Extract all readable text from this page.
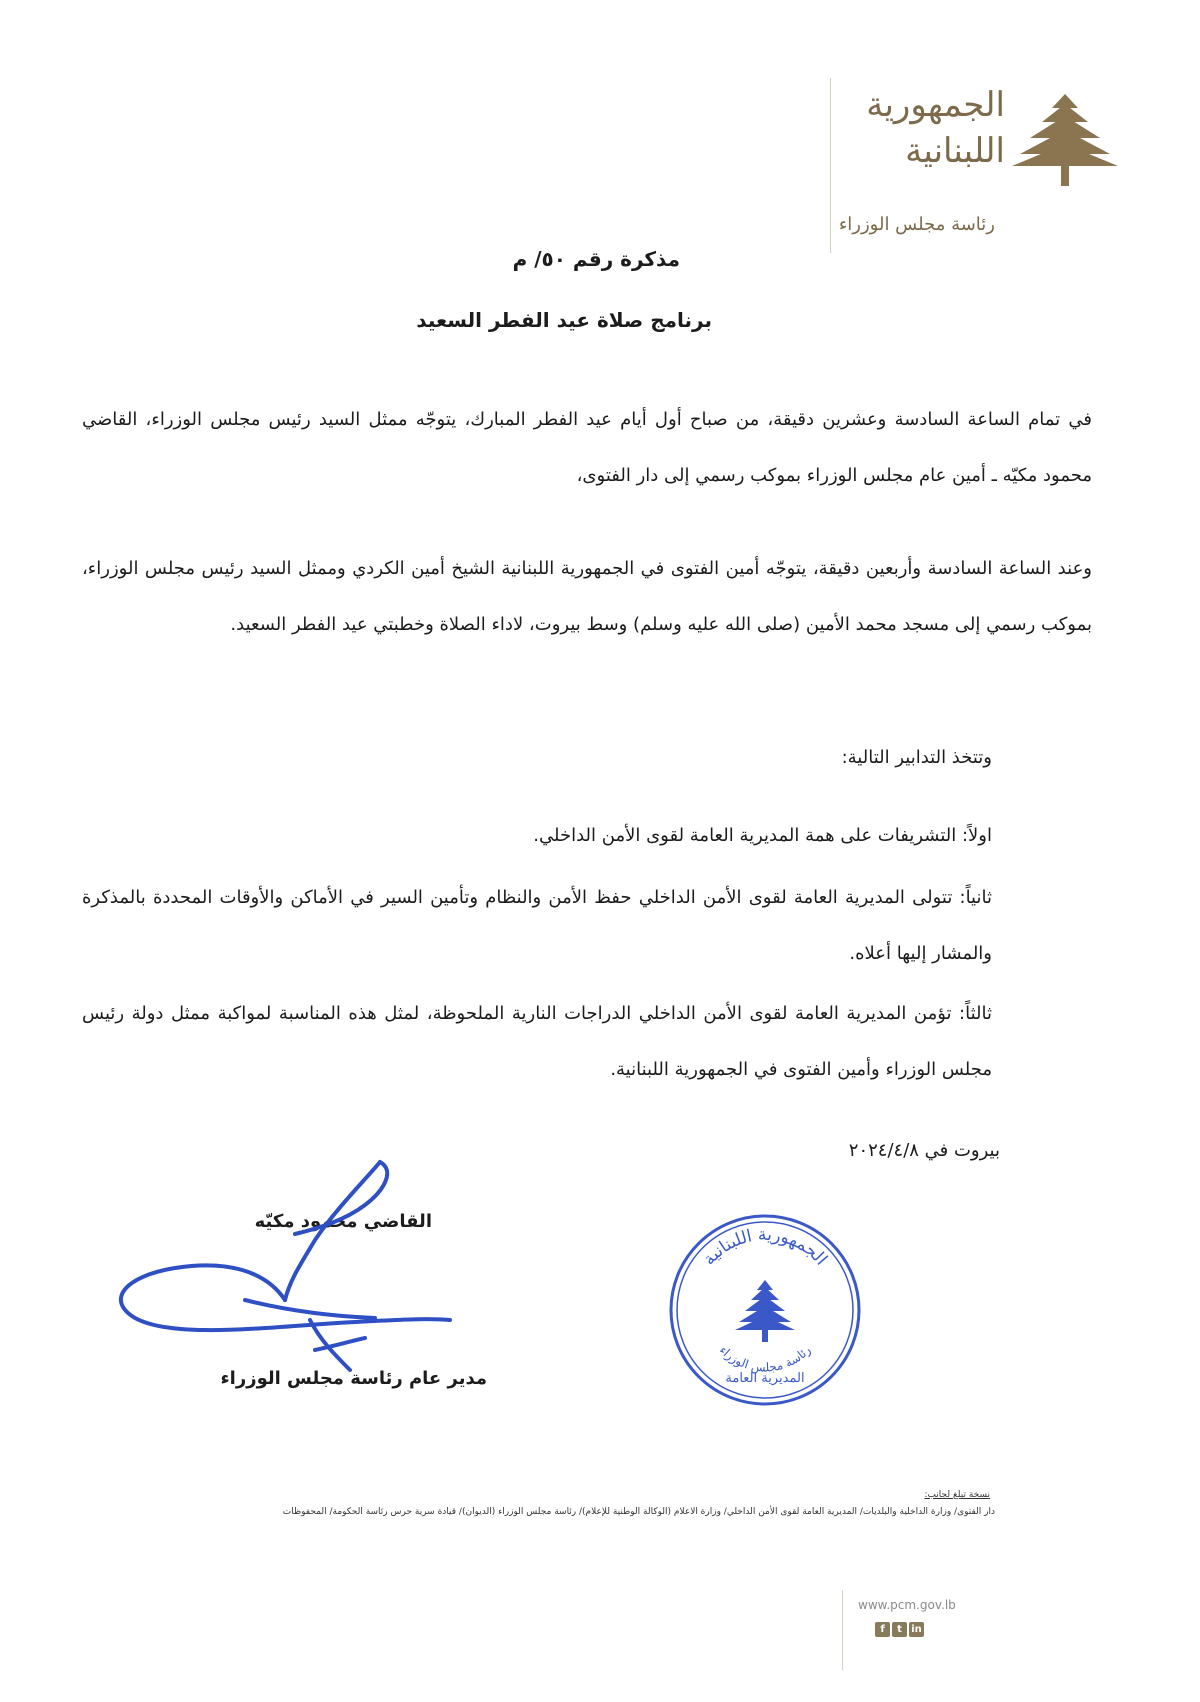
الجمهورية
اللبنانية
رئاسة مجلس الوزراء
مذكرة رقم ٥٠/ م
برنامج صلاة عيد الفطر السعيد
في تمام الساعة السادسة وعشرين دقيقة، من صباح أول أيام عيد الفطر المبارك، يتوجّه ممثل السيد رئيس مجلس الوزراء، القاضي محمود مكيّه ـ أمين عام مجلس الوزراء بموكب رسمي إلى دار الفتوى،
وعند الساعة السادسة وأربعين دقيقة، يتوجّه أمين الفتوى في الجمهورية اللبنانية الشيخ أمين الكردي وممثل السيد رئيس مجلس الوزراء، بموكب رسمي إلى مسجد محمد الأمين (صلى الله عليه وسلم) وسط بيروت، لاداء الصلاة وخطبتي عيد الفطر السعيد.
وتتخذ التدابير التالية:
اولاً: التشريفات على همة المديرية العامة لقوى الأمن الداخلي.
ثانياً: تتولى المديرية العامة لقوى الأمن الداخلي حفظ الأمن والنظام وتأمين السير في الأماكن والأوقات المحددة بالمذكرة والمشار إليها أعلاه.
ثالثاً: تؤمن المديرية العامة لقوى الأمن الداخلي الدراجات النارية الملحوظة، لمثل هذه المناسبة لمواكبة ممثل دولة رئيس مجلس الوزراء وأمين الفتوى في الجمهورية اللبنانية.
بيروت في ٢٠٢٤/٤/٨
القاضي محمود مكيّه
مدير عام رئاسة مجلس الوزراء
الجمهورية اللبنانية
رئاسة مجلس الوزراء
المديرية العامة
نسخة تبلغ لجانب:
دار الفتوى/ وزارة الداخلية والبلديات/ المديرية العامة لقوى الأمن الداخلي/ وزارة الاعلام (الوكالة الوطنية للإعلام)/ رئاسة مجلس الوزراء (الديوان)/ قيادة سرية حرس رئاسة الحكومة/ المحفوظات
www.pcm.gov.lb
f	t in
